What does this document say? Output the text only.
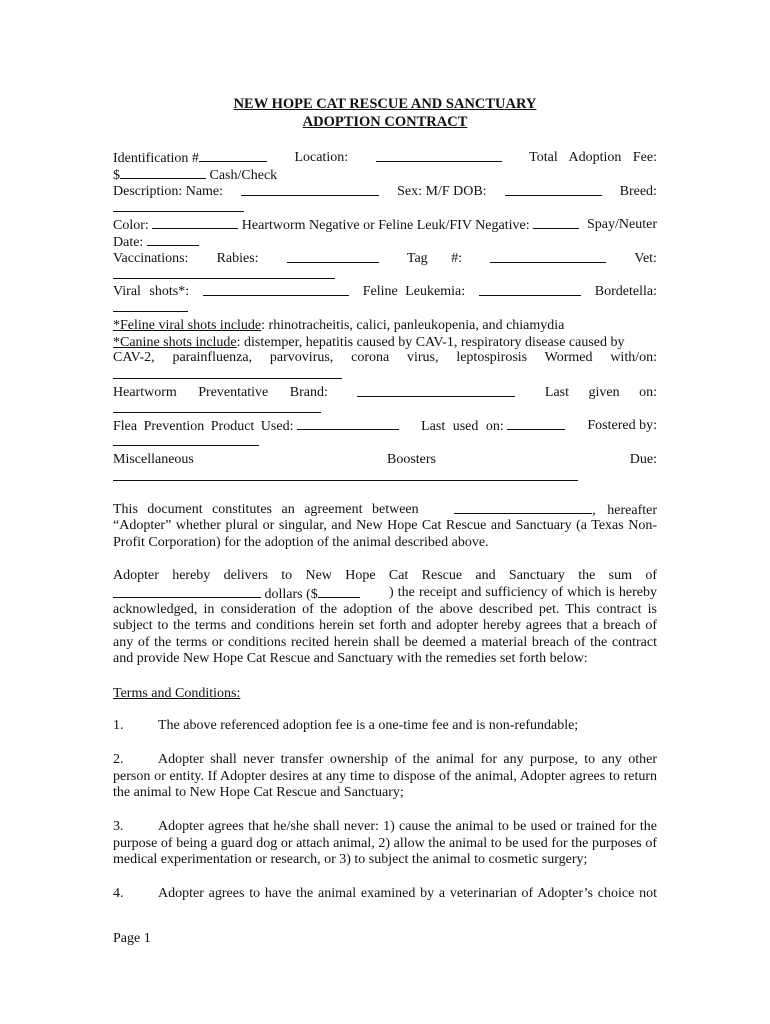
NEW HOPE CAT RESCUE AND SANCTUARY
ADOPTION CONTRACT
Identification #	Location:	Total Adoption Fee:
$	Cash/Check
Description: Name:	Sex: M/F DOB:	Breed:
Color:	Heartworm Negative or Feline Leuk/FIV Negative:	Spay/Neuter
Date:
Vaccinations: Rabies:	Tag #:	Vet:
Viral shots*:	Feline Leukemia:	Bordetella:
*Feline viral shots include: rhinotracheitis, calici, panleukopenia, and chiamydia
*Canine shots include: distemper, hepatitis caused by CAV-1, respiratory disease caused by
CAV-2, parainfluenza, parvovirus, corona virus, leptospirosis Wormed with/on:
Heartworm Preventative Brand:	Last given on:
Flea Prevention Product Used:	Last used on:	Fostered by:
Miscellaneous	Boosters	Due:
This document constitutes an agreement between	, hereafter
“Adopter” whether plural or singular, and New Hope Cat Rescue and Sanctuary (a Texas Non-Profit Corporation) for the adoption of the animal described above.
Adopter hereby delivers to New Hope Cat Rescue and Sanctuary the sum of
dollars ($	) the receipt and sufficiency of which is hereby acknowledged, in consideration of the adoption of the above described pet. This contract is subject to the terms and conditions herein set forth and adopter hereby agrees that a breach of any of the terms or conditions recited herein shall be deemed a material breach of the contract and provide New Hope Cat Rescue and Sanctuary with the remedies set forth below:
Terms and Conditions:
1. The above referenced adoption fee is a one-time fee and is non-refundable;
2. Adopter shall never transfer ownership of the animal for any purpose, to any other person or entity. If Adopter desires at any time to dispose of the animal, Adopter agrees to return the animal to New Hope Cat Rescue and Sanctuary;
3. Adopter agrees that he/she shall never: 1) cause the animal to be used or trained for the purpose of being a guard dog or attach animal, 2) allow the animal to be used for the purposes of medical experimentation or research, or 3) to subject the animal to cosmetic surgery;
4. Adopter agrees to have the animal examined by a veterinarian of Adopter’s choice not
Page 1
